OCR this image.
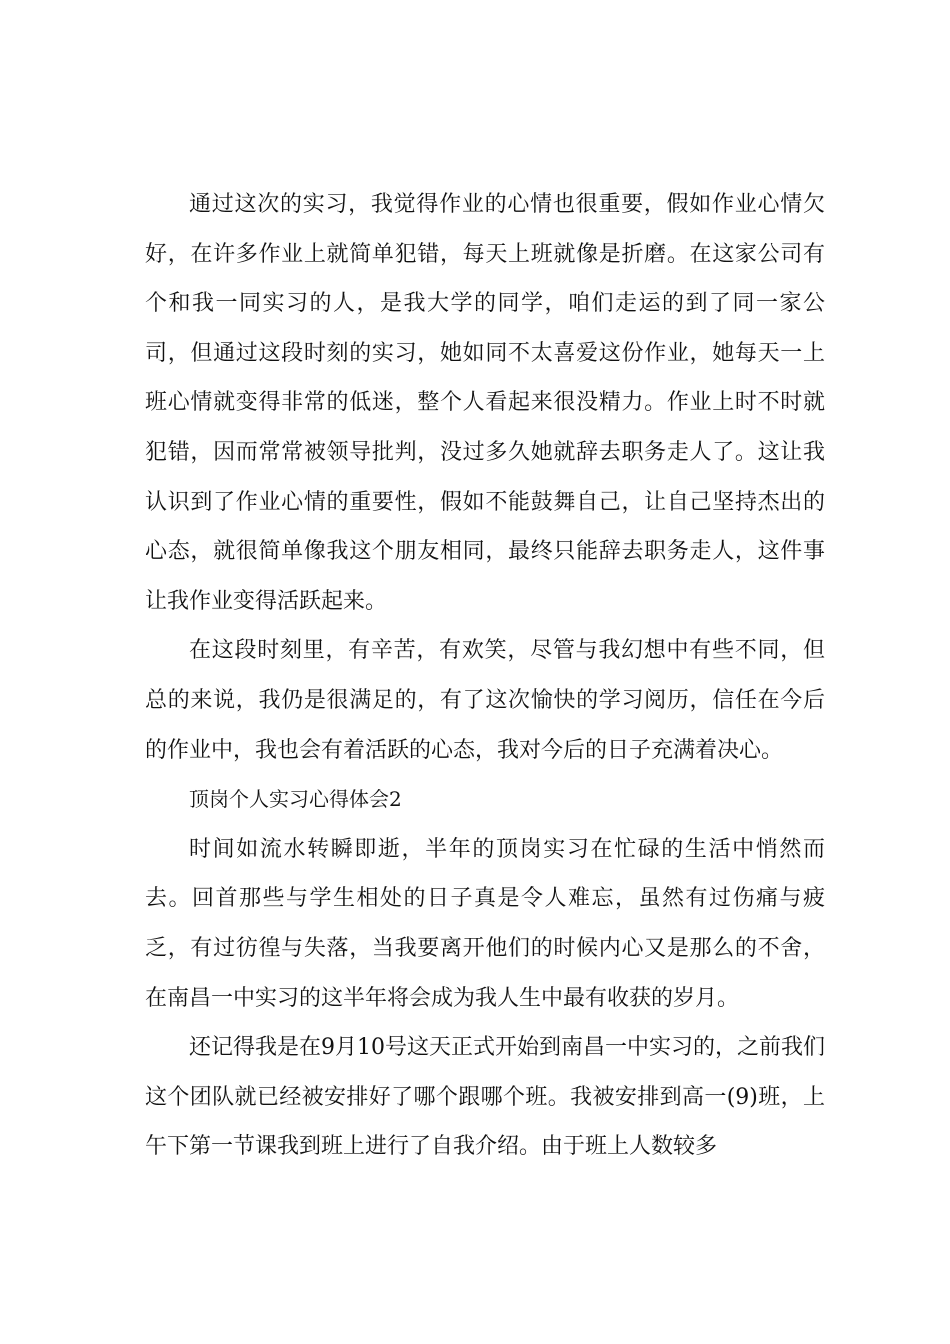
通过这次的实习，我觉得作业的心情也很重要，假如作业心情欠好，在许多作业上就简单犯错，每天上班就像是折磨。在这家公司有个和我一同实习的人，是我大学的同学，咱们走运的到了同一家公司，但通过这段时刻的实习，她如同不太喜爱这份作业，她每天一上班心情就变得非常的低迷，整个人看起来很没精力。作业上时不时就犯错，因而常常被领导批判，没过多久她就辞去职务走人了。这让我认识到了作业心情的重要性，假如不能鼓舞自己，让自己坚持杰出的心态，就很简单像我这个朋友相同，最终只能辞去职务走人，这件事让我作业变得活跃起来。

在这段时刻里，有辛苦，有欢笑，尽管与我幻想中有些不同，但总的来说，我仍是很满足的，有了这次愉快的学习阅历，信任在今后的作业中，我也会有着活跃的心态，我对今后的日子充满着决心。

顶岗个人实习心得体会2

时间如流水转瞬即逝，半年的顶岗实习在忙碌的生活中悄然而去。回首那些与学生相处的日子真是令人难忘，虽然有过伤痛与疲乏，有过彷徨与失落，当我要离开他们的时候内心又是那么的不舍，在南昌一中实习的这半年将会成为我人生中最有收获的岁月。

还记得我是在9月10号这天正式开始到南昌一中实习的，之前我们这个团队就已经被安排好了哪个跟哪个班。我被安排到高一(9)班，上午下第一节课我到班上进行了自我介绍。由于班上人数较多
